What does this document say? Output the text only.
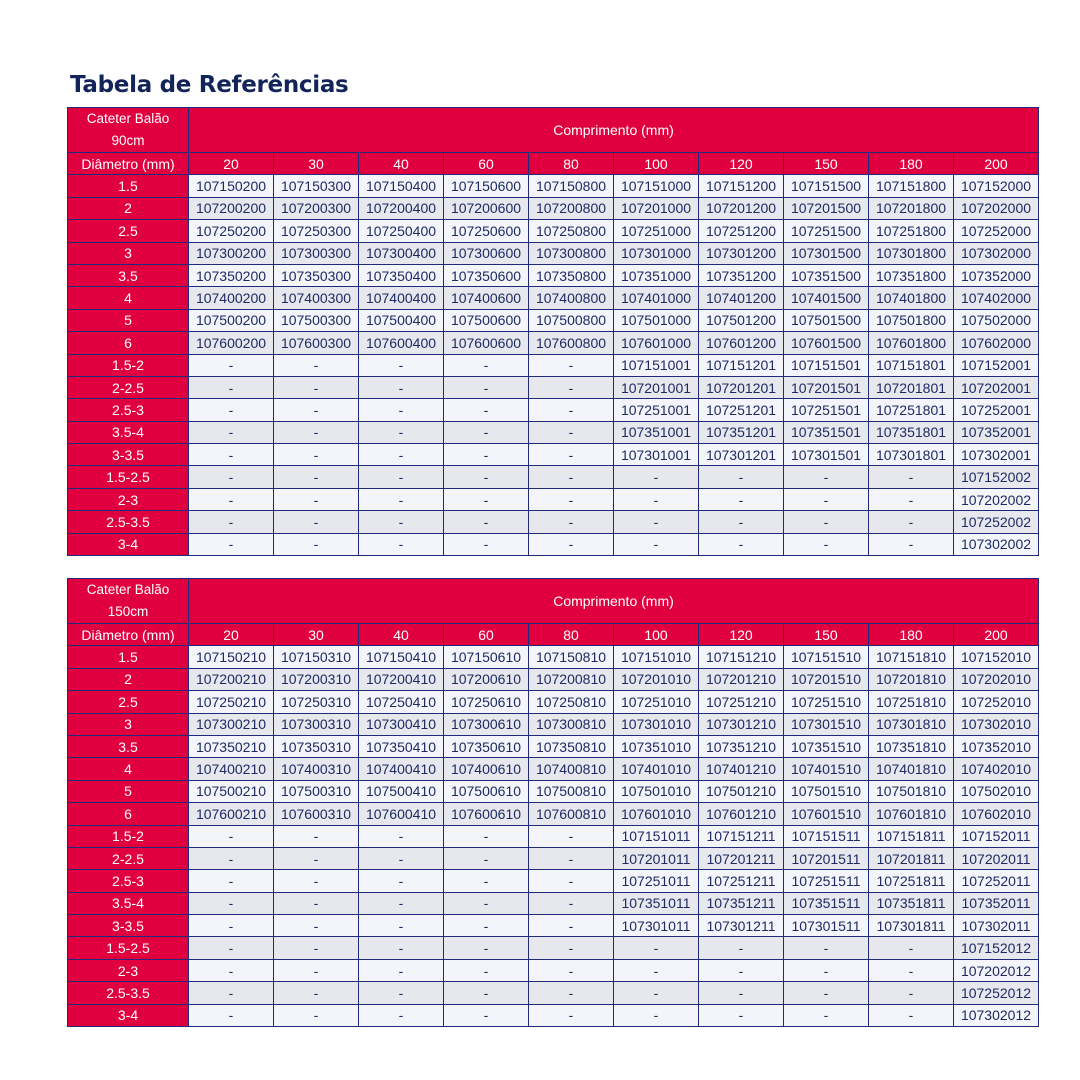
Tabela de Referências
Cateter Balão
90cm	Comprimento (mm)									
Diâmetro (mm)	20	30	40	60	80	100	120	150	180	200
1.5	107150200	107150300	107150400	107150600	107150800	107151000	107151200	107151500	107151800	107152000
2	107200200	107200300	107200400	107200600	107200800	107201000	107201200	107201500	107201800	107202000
2.5	107250200	107250300	107250400	107250600	107250800	107251000	107251200	107251500	107251800	107252000
3	107300200	107300300	107300400	107300600	107300800	107301000	107301200	107301500	107301800	107302000
3.5	107350200	107350300	107350400	107350600	107350800	107351000	107351200	107351500	107351800	107352000
4	107400200	107400300	107400400	107400600	107400800	107401000	107401200	107401500	107401800	107402000
5	107500200	107500300	107500400	107500600	107500800	107501000	107501200	107501500	107501800	107502000
6	107600200	107600300	107600400	107600600	107600800	107601000	107601200	107601500	107601800	107602000
1.5-2	-	-	-	-	-	107151001	107151201	107151501	107151801	107152001
2-2.5	-	-	-	-	-	107201001	107201201	107201501	107201801	107202001
2.5-3	-	-	-	-	-	107251001	107251201	107251501	107251801	107252001
3.5-4	-	-	-	-	-	107351001	107351201	107351501	107351801	107352001
3-3.5	-	-	-	-	-	107301001	107301201	107301501	107301801	107302001
1.5-2.5	-	-	-	-	-	-	-	-	-	107152002
2-3	-	-	-	-	-	-	-	-	-	107202002
2.5-3.5	-	-	-	-	-	-	-	-	-	107252002
3-4	-	-	-	-	-	-	-	-	-	107302002
Cateter Balão
150cm	Comprimento (mm)									
Diâmetro (mm)	20	30	40	60	80	100	120	150	180	200
1.5	107150210	107150310	107150410	107150610	107150810	107151010	107151210	107151510	107151810	107152010
2	107200210	107200310	107200410	107200610	107200810	107201010	107201210	107201510	107201810	107202010
2.5	107250210	107250310	107250410	107250610	107250810	107251010	107251210	107251510	107251810	107252010
3	107300210	107300310	107300410	107300610	107300810	107301010	107301210	107301510	107301810	107302010
3.5	107350210	107350310	107350410	107350610	107350810	107351010	107351210	107351510	107351810	107352010
4	107400210	107400310	107400410	107400610	107400810	107401010	107401210	107401510	107401810	107402010
5	107500210	107500310	107500410	107500610	107500810	107501010	107501210	107501510	107501810	107502010
6	107600210	107600310	107600410	107600610	107600810	107601010	107601210	107601510	107601810	107602010
1.5-2	-	-	-	-	-	107151011	107151211	107151511	107151811	107152011
2-2.5	-	-	-	-	-	107201011	107201211	107201511	107201811	107202011
2.5-3	-	-	-	-	-	107251011	107251211	107251511	107251811	107252011
3.5-4	-	-	-	-	-	107351011	107351211	107351511	107351811	107352011
3-3.5	-	-	-	-	-	107301011	107301211	107301511	107301811	107302011
1.5-2.5	-	-	-	-	-	-	-	-	-	107152012
2-3	-	-	-	-	-	-	-	-	-	107202012
2.5-3.5	-	-	-	-	-	-	-	-	-	107252012
3-4	-	-	-	-	-	-	-	-	-	107302012
